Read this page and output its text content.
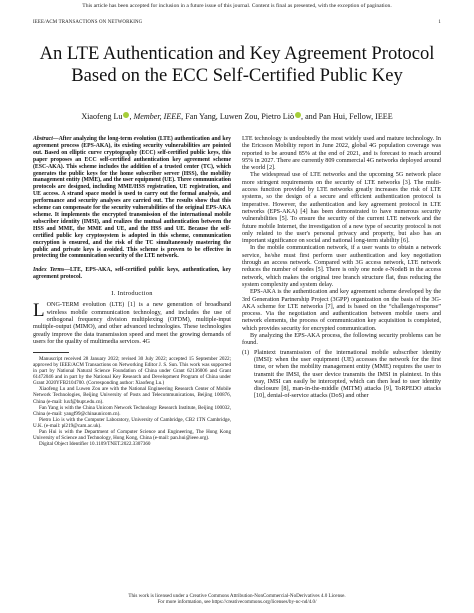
This article has been accepted for inclusion in a future issue of this journal. Content is final as presented, with the exception of pagination.
IEEE/ACM TRANSACTIONS ON NETWORKING	1
An LTE Authentication and Key Agreement Protocol Based on the ECC Self-Certified Public Key
Xiaofeng Lu , Member, IEEE, Fan Yang, Luwen Zou, Pietro Liò , and Pan Hui, Fellow, IEEE

Abstract—After analyzing the long-term evolution (LTE) authentication and key agreement process (EPS-AKA), its existing security vulnerabilities are pointed out. Based on elliptic curve cryptography (ECC) self-certified public keys, this paper proposes an ECC self-certified authentication key agreement scheme (ESC-AKA). This scheme includes the addition of a trusted center (TC), which generates the public keys for the home subscriber server (HSS), the mobility management entity (MME), and the user equipment (UE). Three communication protocols are designed, including MME/HSS registration, UE registration, and UE access. A strand space model is used to carry out the formal analysis, and performance and security analyses are carried out. The results show that this scheme can compensate for the security vulnerabilities of the original EPS-AKA scheme. It implements the encrypted transmission of the international mobile subscriber identity (IMSI), and realizes the mutual authentication between the HSS and MME, the MME and UE, and the HSS and UE. Because the self-certified public key cryptosystem is adopted in this scheme, communication encryption is ensured, and the risk of the TC simultaneously mastering the public and private keys is avoided. This scheme is proven to be effective in protecting the communication security of the LTE network.

Index Terms—LTE, EPS-AKA, self-certified public keys, authentication, key agreement protocol.

I. Introduction

LONG-TERM evolution (LTE) [1] is a new generation of broadband wireless mobile communication technology, and includes the use of orthogonal frequency division multiplexing (OFDM), multiple-input multiple-output (MIMO), and other advanced technologies. These technologies greatly improve the data transmission speed and meet the growing demands of users for the quality of multimedia services. 4G

Manuscript received 28 January 2022; revised 30 July 2022; accepted 15 September 2022; approved by IEEE/ACM Transactions on Networking Editor J. S. Sun. This work was supported in part by National Natural Science Foundation of China under Grant 62136006 and Grant 61472046 and in part by the National Key Research and Development Program of China under Grant 2020YFB2104700. (Corresponding author: Xiaofeng Lu.)

Xiaofeng Lu and Luwen Zou are with the National Engineering Research Center of Mobile Network Technologies, Beijing University of Posts and Telecommunications, Beijing 100876, China (e-mail: luxf@bupt.edu.cn).

Fan Yang is with the China Unicom Network Technology Research Institute, Beijing 100032, China (e-mail: yangf99@chinaunicom.cn).

Pietro Lio is with the Computer Laboratory, University of Cambridge, CB2 1TN Cambridge, U.K. (e-mail: pl219@cam.ac.uk).

Pan Hui is with the Department of Computer Science and Engineering, The Hong Kong University of Science and Technology, Hong Kong, China (e-mail: pan.hui@ieee.org).

Digital Object Identifier 10.1109/TNET.2022.3307360

LTE technology is undoubtedly the most widely used and mature technology. In the Ericsson Mobility report in June 2022, global 4G population coverage was reported to be around 85% at the end of 2021, and is forecast to reach around 95% in 2027. There are currently 809 commercial 4G networks deployed around the world [2].

The widespread use of LTE networks and the upcoming 5G network place more stringent requirements on the security of LTE networks [3]. The multi-access function provided by LTE networks greatly increases the risk of LTE systems, so the design of a secure and efficient authentication protocol is imperative. However, the authentication and key agreement protocol in LTE networks (EPS-AKA) [4] has been demonstrated to have numerous security vulnerabilities [5]. To ensure the security of the current LTE network and the future mobile Internet, the investigation of a new type of security protocol is not only related to the user's personal privacy and property, but also has an important significance on social and national long-term stability [6].

In the mobile communication network, if a user wants to obtain a network service, he/she must first perform user authentication and key negotiation through an access network. Compared with 3G access network, LTE network reduces the number of nodes [5]. There is only one node e-NodeB in the access network, which makes the original tree branch structure flat, thus reducing the system complexity and system delay.

EPS-AKA is the authentication and key agreement scheme developed by the 3rd Generation Partnership Project (3GPP) organization on the basis of the 3G-AKA scheme for LTE networks [7], and is based on the “challenge/response” process. Via the negotiation and authentication between mobile users and network elements, the process of communication key acquisition is completed, which provides security for encrypted communication.

By analyzing the EPS-AKA process, the following security problems can be found.

(1) Plaintext transmission of the international mobile subscriber identity (IMSI): when the user equipment (UE) accesses the network for the first time, or when the mobility management entity (MME) requires the user to transmit the IMSI, the user device transmits the IMSI in plaintext. In this way, IMSI can easily be intercepted, which can then lead to user identity disclosure [8], man-in-the-middle (MITM) attacks [9], ToRPEDO attacks [10], denial-of-service attacks (DoS) and other
This work is licensed under a Creative Commons Attribution-NonCommercial-NoDerivatives 4.0 License.
For more information, see https://creativecommons.org/licenses/by-nc-nd/4.0/
